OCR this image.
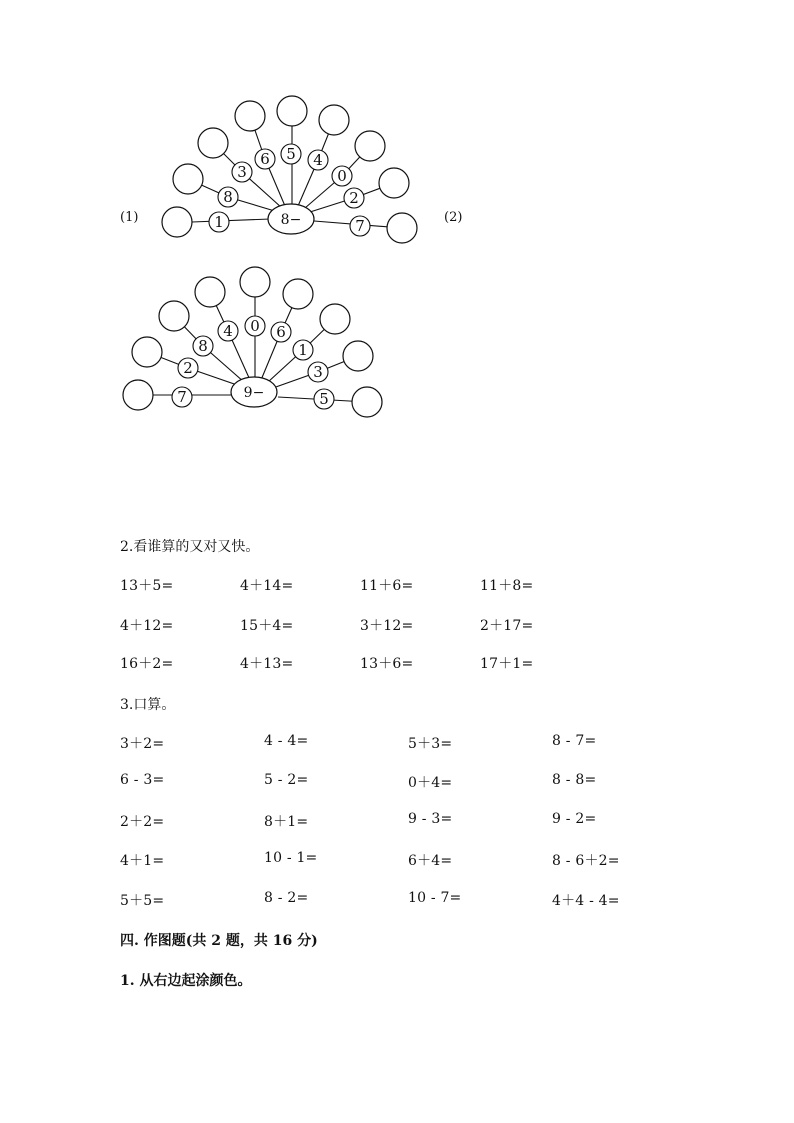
(1)	8−
1
8
3
6 5 4
0
2
7
9−
7
2
8
4 0 6
1
3
5
(2)
2.看谁算的又对又快。
13＋5=	4＋14=	11＋6=	11＋8=
4＋12=	15＋4=	3＋12=	2＋17=
16＋2=	4＋13=	13＋6=	17＋1=
3.口算。
3＋2=	4 - 4=	5＋3=	8 - 7=
6 - 3=	5 - 2=	0＋4=	8 - 8=
2＋2=	8＋1=	9 - 3=	9 - 2=
4＋1=	10 - 1=	6＋4=	8 - 6＋2=
5＋5=	8 - 2=	10 - 7=	4＋4 - 4=
四. 作图题(共 2 题，共 16 分)
1. 从右边起涂颜色。
